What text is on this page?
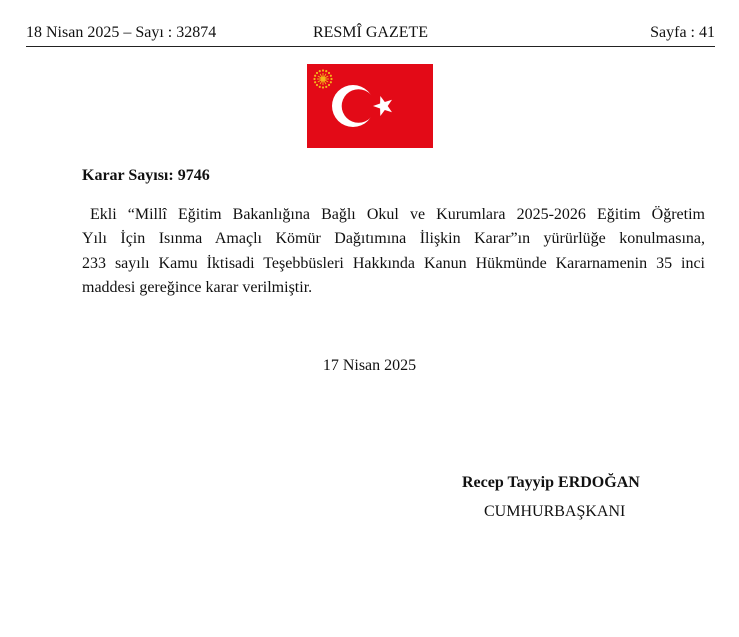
RESMÎ GAZETE
18 Nisan 2025 – Sayı : 32874	Sayfa : 41
Karar Sayısı: 9746
Ekli “Millî Eğitim Bakanlığına Bağlı Okul ve Kurumlara 2025-2026 Eğitim Öğretim
Yılı İçin Isınma Amaçlı Kömür Dağıtımına İlişkin Karar”ın yürürlüğe konulmasına,
233 sayılı Kamu İktisadi Teşebbüsleri Hakkında Kanun Hükmünde Kararnamenin 35 inci
maddesi gereğince karar verilmiştir.
17 Nisan 2025
Recep Tayyip ERDOĞAN
CUMHURBAŞKANI
